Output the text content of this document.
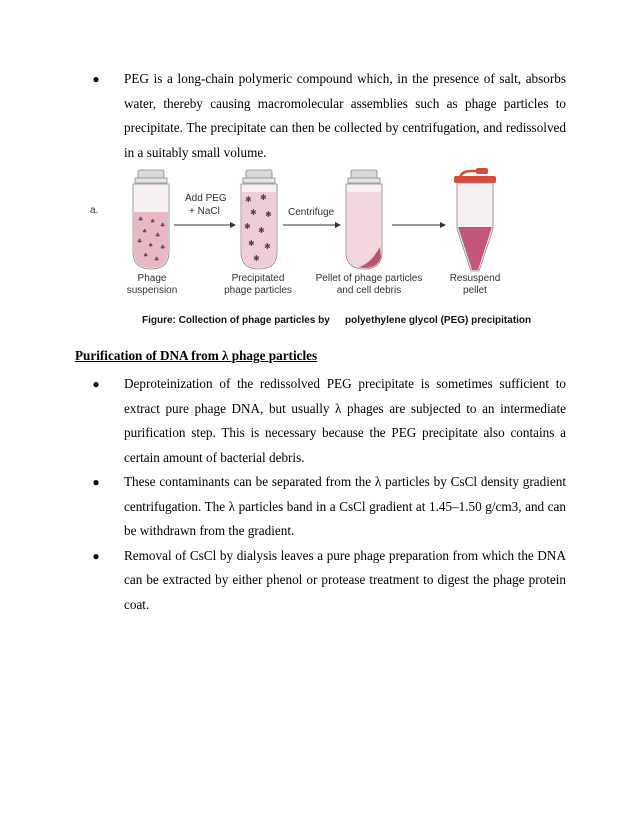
●	PEG is a long-chain polymeric compound which, in the presence of salt, absorbs water, thereby causing macromolecular assemblies such as phage particles to precipitate. The precipitate can then be collected by centrifugation, and redissolved in a suitably small volume.
a.
♣ ♠
♣
♠
♣
♣
♠ ♣
♠
♣
Add PEG
+ NaCl
✱ ✱
✱ ✱
✱ ✱
✱ ✱
✱
Centrifuge
Phage
suspension
Precipitated
phage particles
Pellet of phage particles
and cell debris
Resuspend
pellet
Figure: Collection of phage particles by polyethylene glycol (PEG) precipitation
Purification of DNA from λ phage particles
●	Deproteinization of the redissolved PEG precipitate is sometimes sufficient to extract pure phage DNA, but usually λ phages are subjected to an intermediate purification step. This is necessary because the PEG precipitate also contains a certain amount of bacterial debris.
●	These contaminants can be separated from the λ particles by CsCl density gradient centrifugation. The λ particles band in a CsCl gradient at 1.45–1.50 g/cm3, and can be withdrawn from the gradient.
●	Removal of CsCl by dialysis leaves a pure phage preparation from which the DNA can be extracted by either phenol or protease treatment to digest the phage protein coat.
